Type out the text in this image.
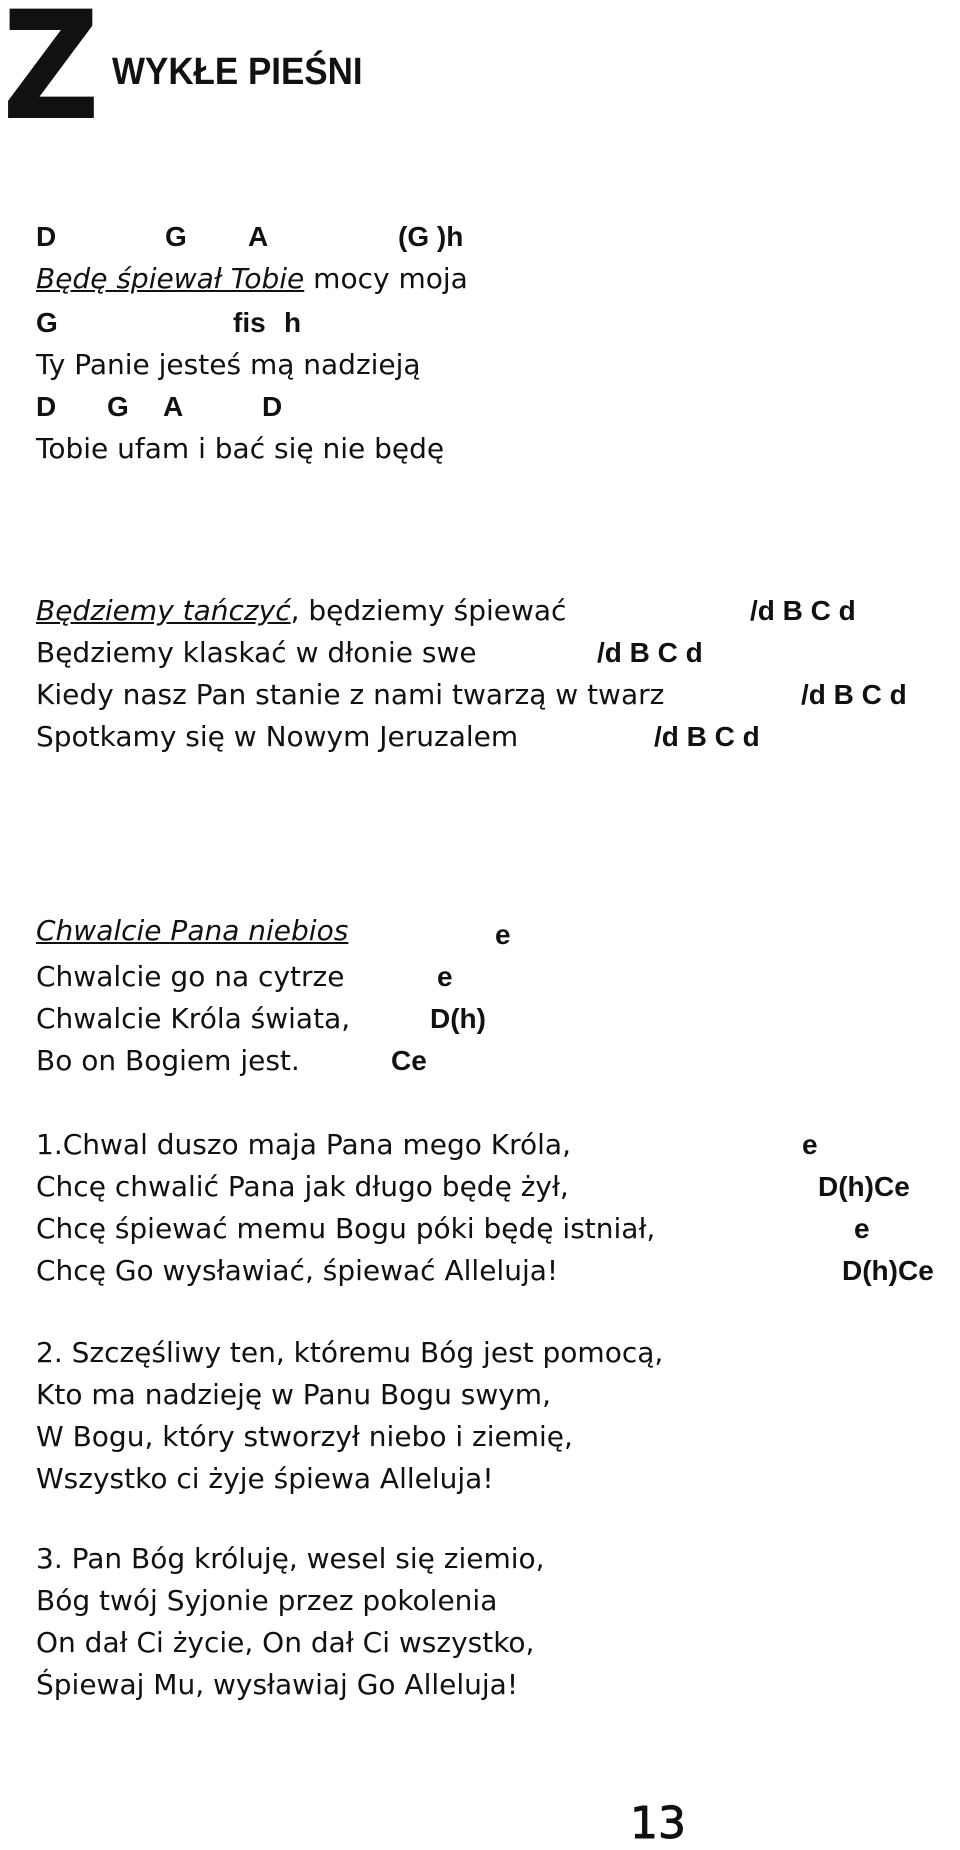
Z WYKŁE PIEŚNI
D	G A	(G )h
Będę śpiewał Tobie mocy moja
G	fis h
Ty Panie jesteś mą nadzieją
D G A	D
Tobie ufam i bać się nie będę
Będziemy tańczyć, będziemy śpiewać	/d B C d
Będziemy klaskać w dłonie swe	/d B C d
Kiedy nasz Pan stanie z nami twarzą w twarz	/d B C d
Spotkamy się w Nowym Jeruzalem	/d B C d
Chwalcie Pana niebios	e
Chwalcie go na cytrze	e
Chwalcie Króla świata,	D(h)
Bo on Bogiem jest.	Ce
1.Chwal duszo maja Pana mego Króla,	e
Chcę chwalić Pana jak długo będę żył,	D(h)Ce
Chcę śpiewać memu Bogu póki będę istniał,	e
Chcę Go wysławiać, śpiewać Alleluja!	D(h)Ce
2. Szczęśliwy ten, któremu Bóg jest pomocą,
Kto ma nadzieję w Panu Bogu swym,
W Bogu, który stworzył niebo i ziemię,
Wszystko ci żyje śpiewa Alleluja!
3. Pan Bóg króluję, wesel się ziemio,
Bóg twój Syjonie przez pokolenia
On dał Ci życie, On dał Ci wszystko,
Śpiewaj Mu, wysławiaj Go Alleluja!
13
